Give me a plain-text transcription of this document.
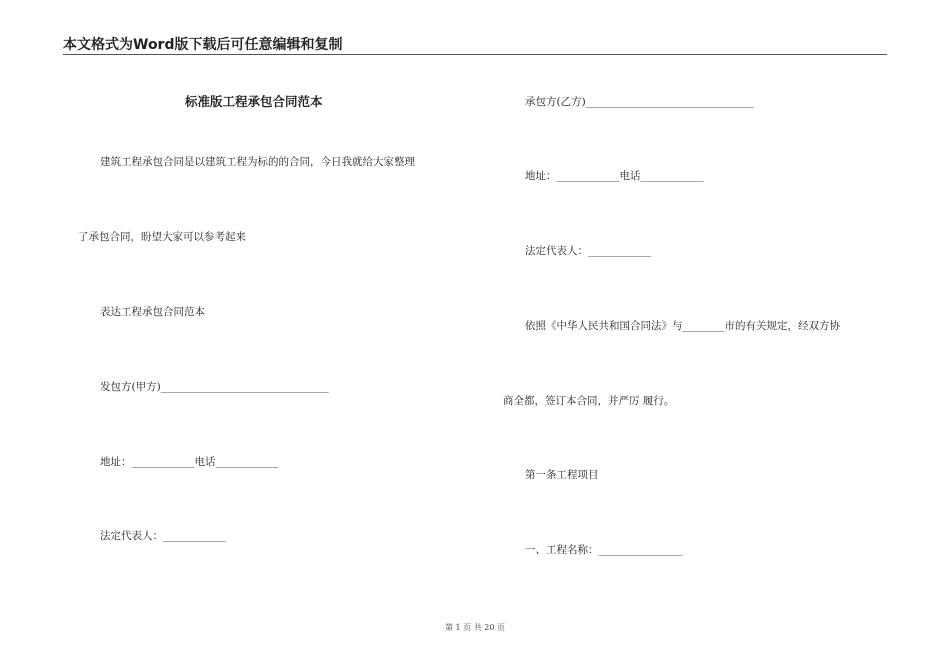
本文格式为Word版下载后可任意编辑和复制
标准版工程承包合同范本
建筑工程承包合同是以建筑工程为标的的合同，今日我就给大家整理
了承包合同，盼望大家可以参考起来
表达工程承包合同范本
发包方(甲方)________________________________
地址：____________电话____________
法定代表人：____________
承包方(乙方)________________________________
地址：____________电话____________
法定代表人：____________
依照《中华人民共和国合同法》与________市的有关规定，经双方协
商全都，签订本合同，并严厉 履行。
第一条工程项目
一、工程名称：________________
第 1 页 共 20 页
